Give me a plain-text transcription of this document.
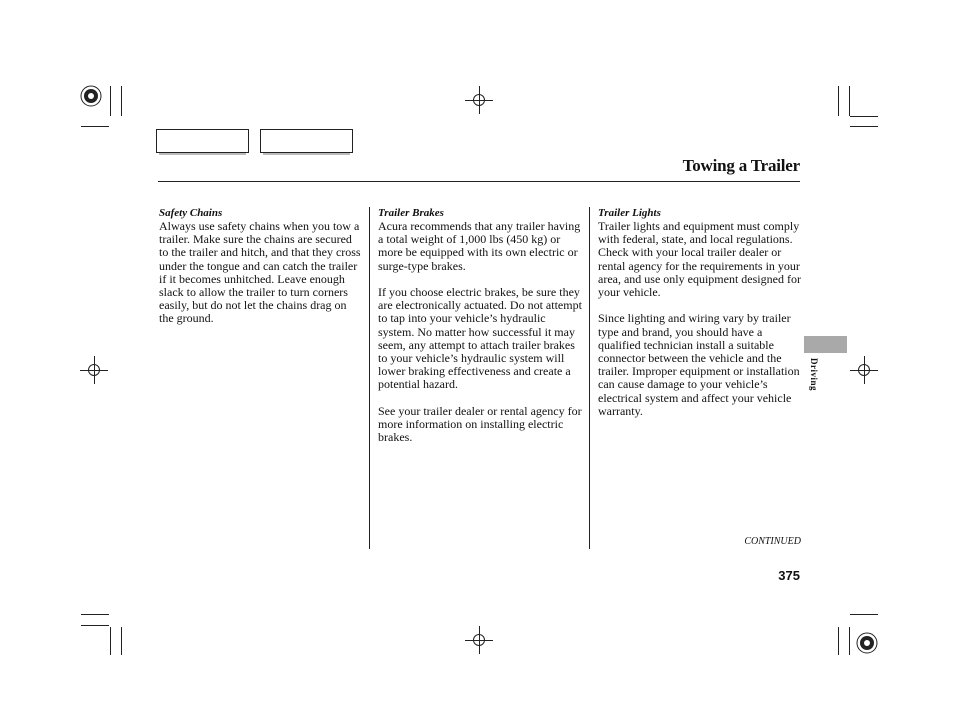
Towing a Trailer
Safety Chains

Always use safety chains when you tow a trailer. Make sure the chains are secured to the trailer and hitch, and that they cross under the tongue and can catch the trailer if it becomes unhitched. Leave enough slack to allow the trailer to turn corners easily, but do not let the chains drag on the ground.

Trailer Brakes

Acura recommends that any trailer having a total weight of 1,000 lbs (450 kg) or more be equipped with its own electric or surge-type brakes.

If you choose electric brakes, be sure they are electronically actuated. Do not attempt to tap into your vehicle’s hydraulic system. No matter how successful it may seem, any attempt to attach trailer brakes to your vehicle’s hydraulic system will lower braking effectiveness and create a potential hazard.

See your trailer dealer or rental agency for more information on installing electric brakes.

Trailer Lights

Trailer lights and equipment must comply with federal, state, and local regulations. Check with your local trailer dealer or rental agency for the requirements in your area, and use only equipment designed for your vehicle.

Since lighting and wiring vary by trailer type and brand, you should have a qualified technician install a suitable connector between the vehicle and the trailer. Improper equipment or installation can cause damage to your vehicle’s electrical system and affect your vehicle warranty.

Driving
CONTINUED
375
